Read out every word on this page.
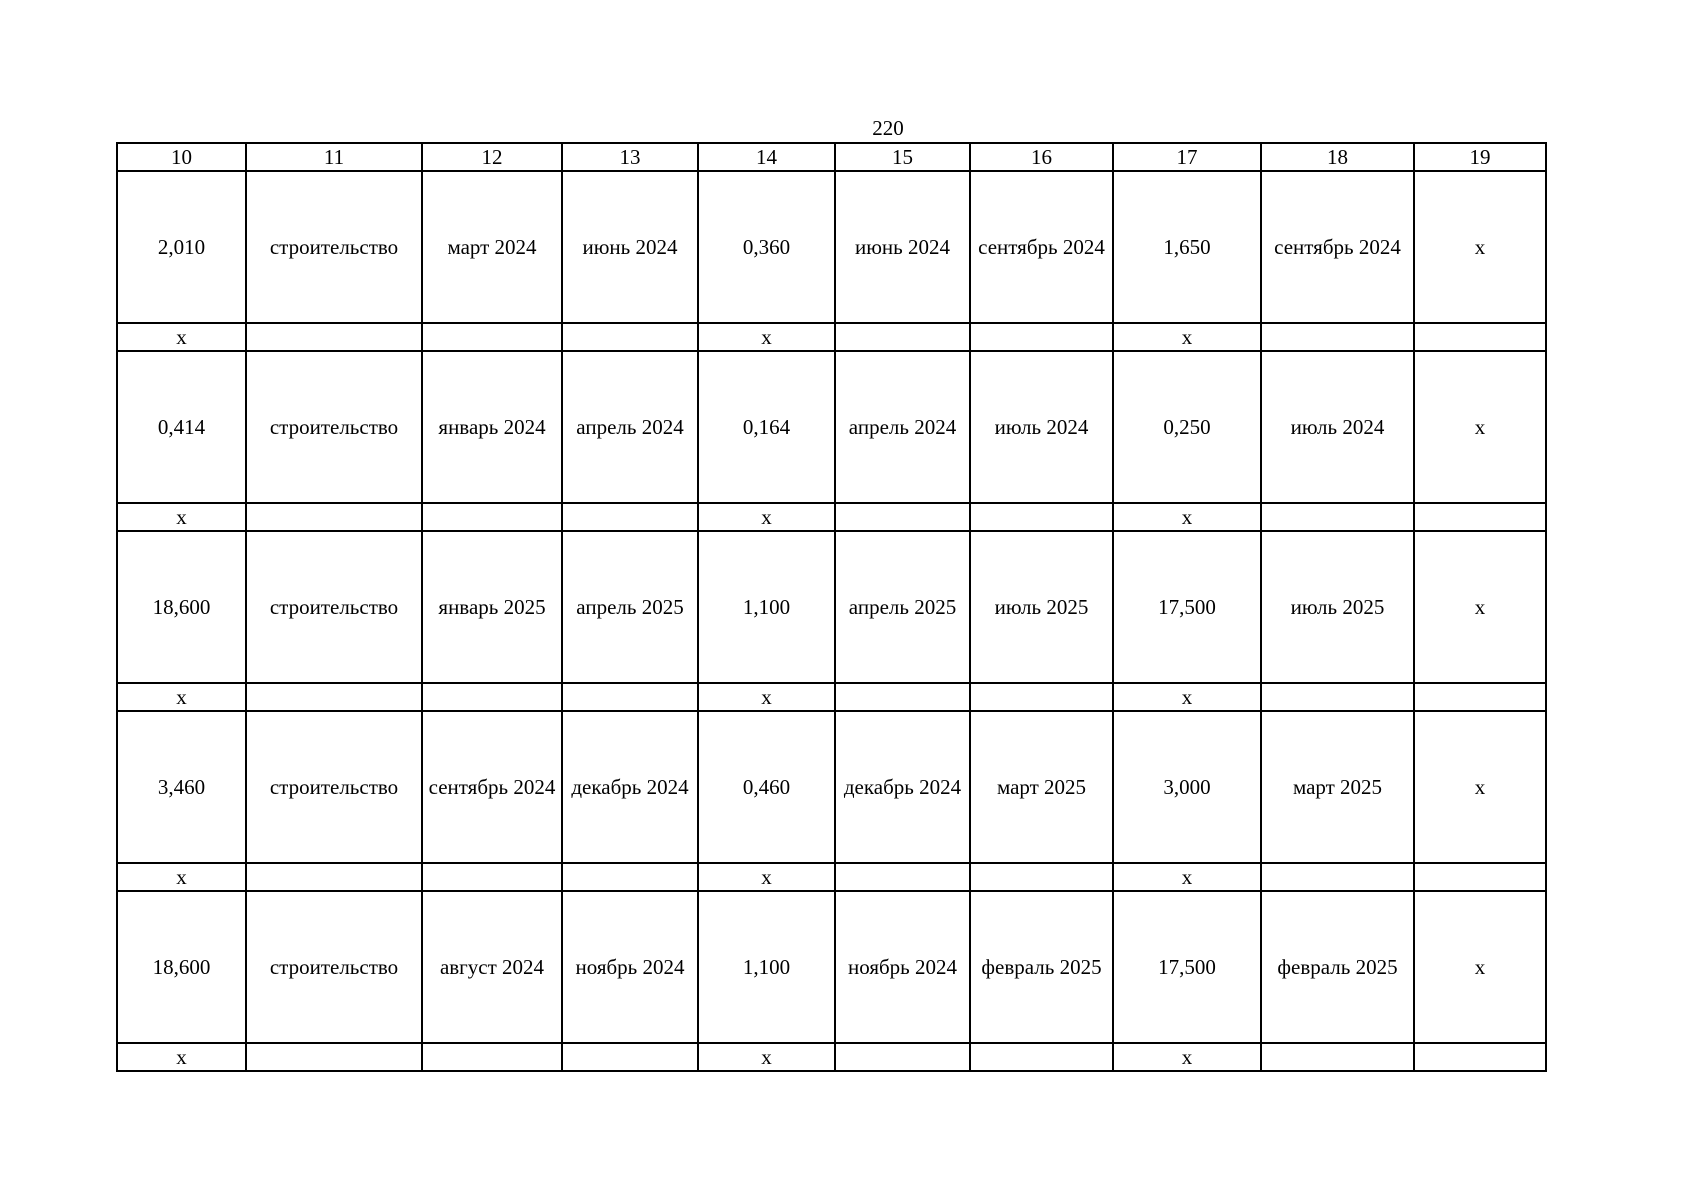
220
10	11	12	13	14	15	16	17	18	19
2,010	строительство	март 2024	июнь 2024	0,360	июнь 2024	сентябрь 2024	1,650	сентябрь 2024	х
х				х			х		
0,414	строительство	январь 2024	апрель 2024	0,164	апрель 2024	июль 2024	0,250	июль 2024	х
х				х			х		
18,600	строительство	январь 2025	апрель 2025	1,100	апрель 2025	июль 2025	17,500	июль 2025	х
х				х			х		
3,460	строительство	сентябрь 2024	декабрь 2024	0,460	декабрь 2024	март 2025	3,000	март 2025	х
х				х			х		
18,600	строительство	август 2024	ноябрь 2024	1,100	ноябрь 2024	февраль 2025	17,500	февраль 2025	х
х				х			х		
